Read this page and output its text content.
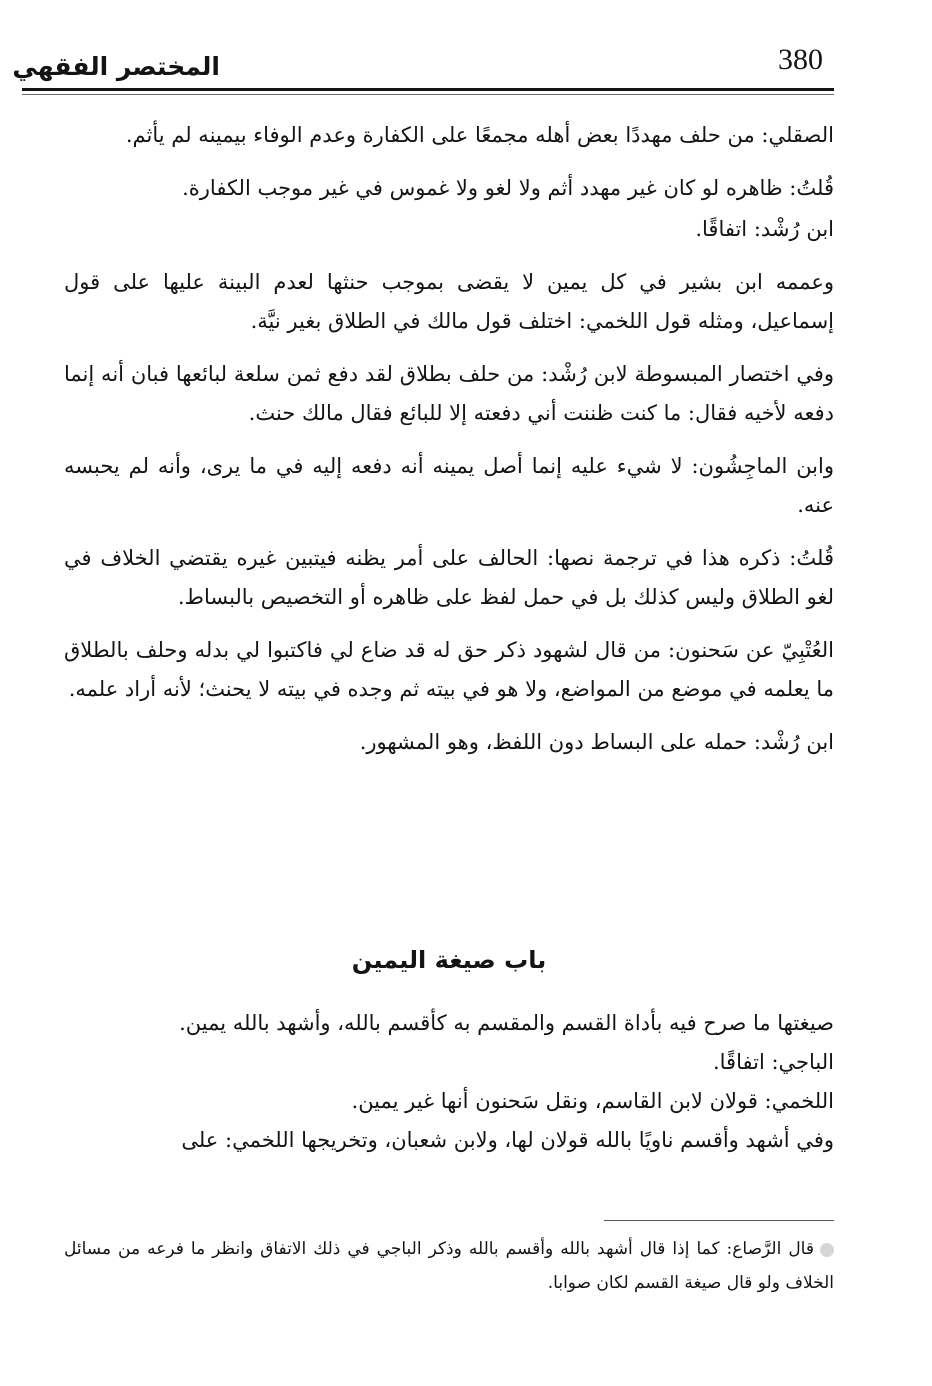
380
المختصر الفقهي

الصقلي: من حلف مهددًا بعض أهله مجمعًا على الكفارة وعدم الوفاء بيمينه لم يأثم.

قُلتُ: ظاهره لو كان غير مهدد أثم ولا لغو ولا غموس في غير موجب الكفارة.

ابن رُشْد: اتفاقًا.

وعممه ابن بشير في كل يمين لا يقضى بموجب حنثها لعدم البينة عليها على قول إسماعيل، ومثله قول اللخمي: اختلف قول مالك في الطلاق بغير نيَّة.

وفي اختصار المبسوطة لابن رُشْد: من حلف بطلاق لقد دفع ثمن سلعة لبائعها فبان أنه إنما دفعه لأخيه فقال: ما كنت ظننت أني دفعته إلا للبائع فقال مالك حنث.

وابن الماجِشُون: لا شيء عليه إنما أصل يمينه أنه دفعه إليه في ما يرى، وأنه لم يحبسه عنه.

قُلتُ: ذكره هذا في ترجمة نصها: الحالف على أمر يظنه فيتبين غيره يقتضي الخلاف في لغو الطلاق وليس كذلك بل في حمل لفظ على ظاهره أو التخصيص بالبساط.

العُتْبِيّ عن سَحنون: من قال لشهود ذكر حق له قد ضاع لي فاكتبوا لي بدله وحلف بالطلاق ما يعلمه في موضع من المواضع، ولا هو في بيته ثم وجده في بيته لا يحنث؛ لأنه أراد علمه.

ابن رُشْد: حمله على البساط دون اللفظ، وهو المشهور.

باب صيغة اليمين
صيغتها ما صرح فيه بأداة القسم والمقسم به كأقسم بالله، وأشهد بالله يمين.
الباجي: اتفاقًا.
اللخمي: قولان لابن القاسم، ونقل سَحنون أنها غير يمين.
وفي أشهد وأقسم ناويًا بالله قولان لها، ولابن شعبان، وتخريجها اللخمي: على
قال الرَّصاع: كما إذا قال أشهد بالله وأقسم بالله وذكر الباجي في ذلك الاتفاق وانظر ما فرعه من مسائل الخلاف ولو قال صيغة القسم لكان صوابا.
